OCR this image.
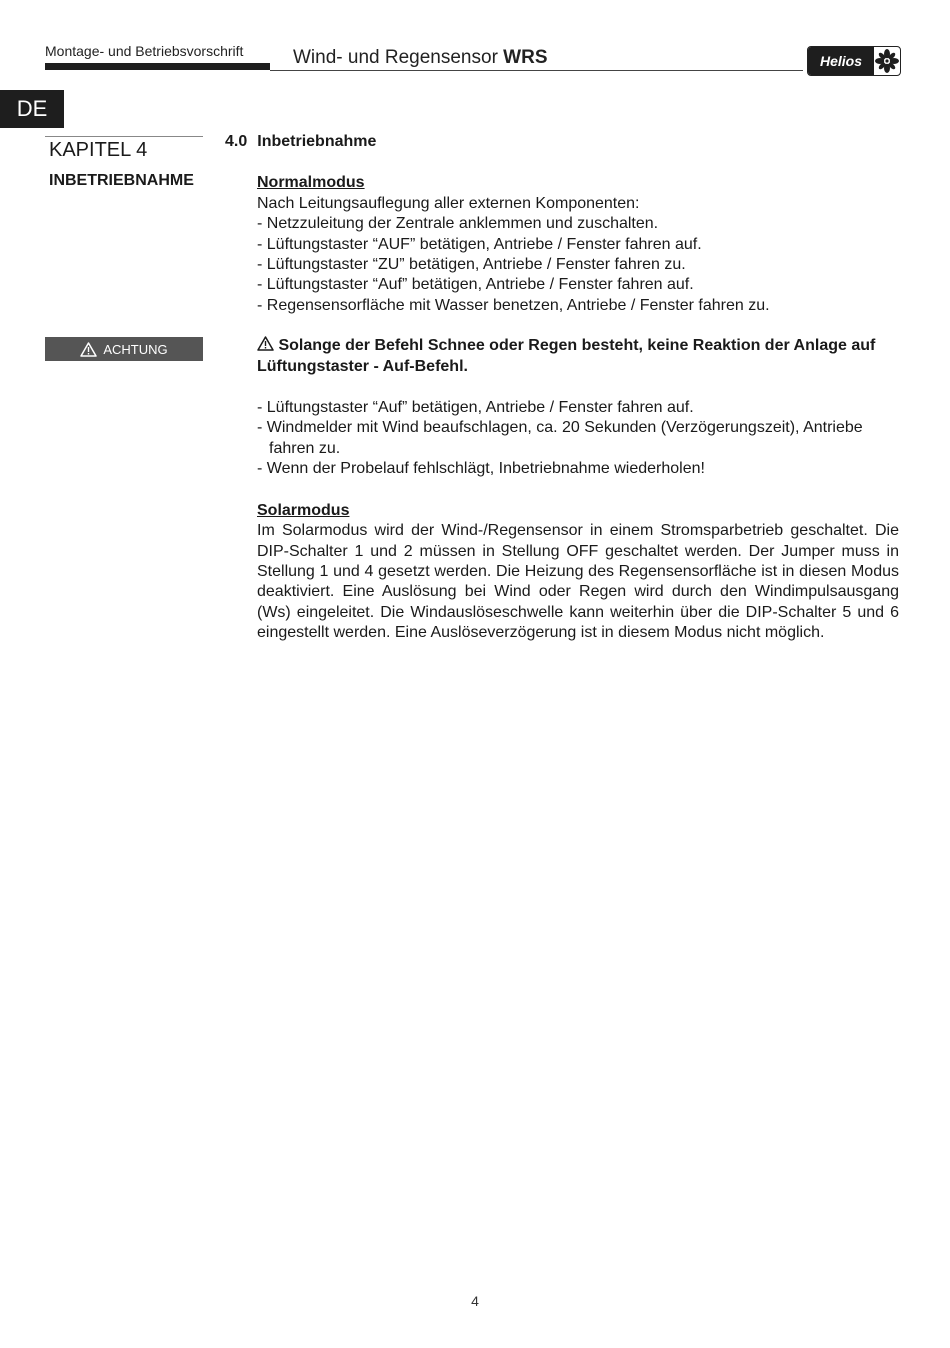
Montage- und Betriebsvorschrift	Wind- und Regensensor WRS	Helios
DE
KAPITEL 4
INBETRIEBNAHME
ACHTUNG
4.0 Inbetriebnahme
Normalmodus

Nach Leitungsauflegung aller externen Komponenten:

- Netzzuleitung der Zentrale anklemmen und zuschalten.

- Lüftungstaster “AUF” betätigen, Antriebe / Fenster fahren auf.

- Lüftungstaster “ZU” betätigen, Antriebe / Fenster fahren zu.

- Lüftungstaster “Auf” betätigen, Antriebe / Fenster fahren auf.

- Regensensorfläche mit Wasser benetzen, Antriebe / Fenster fahren zu.

Solange der Befehl Schnee oder Regen besteht, keine Reaktion der Anlage auf Lüftungstaster - Auf-Befehl.

- Lüftungstaster “Auf” betätigen, Antriebe / Fenster fahren auf.

- Windmelder mit Wind beaufschlagen, ca. 20 Sekunden (Verzögerungszeit), Antriebe fahren zu.

- Wenn der Probelauf fehlschlägt, Inbetriebnahme wiederholen!

Solarmodus

Im Solarmodus wird der Wind-/Regensensor in einem Stromsparbetrieb geschaltet. Die DIP-Schalter 1 und 2 müssen in Stellung OFF geschaltet werden. Der Jumper muss in Stellung 1 und 4 gesetzt werden. Die Heizung des Regensensorfläche ist in diesen Modus deaktiviert. Eine Auslösung bei Wind oder Regen wird durch den Windimpulsausgang (Ws) eingeleitet. Die Windauslöseschwelle kann weiterhin über die DIP-Schalter 5 und 6 eingestellt werden. Eine Auslöseverzögerung ist in diesem Modus nicht möglich.

4
